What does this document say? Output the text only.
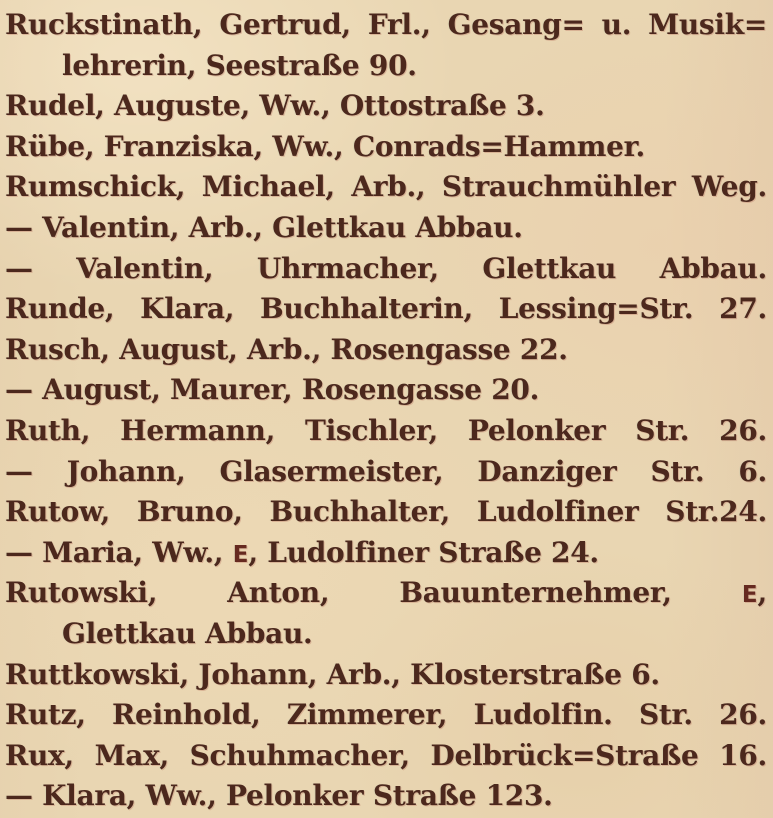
Ruckstinath, Gertrud, Frl., Gesang= u. Musik=
lehrerin, Seestraße 90.
Rudel, Auguste, Ww., Ottostraße 3.
Rübe, Franziska, Ww., Conrads=Hammer.
Rumschick, Michael, Arb., Strauchmühler Weg.
— Valentin, Arb., Glettkau Abbau.
— Valentin, Uhrmacher, Glettkau Abbau.
Runde, Klara, Buchhalterin, Lessing=Str. 27.
Rusch, August, Arb., Rosengasse 22.
— August, Maurer, Rosengasse 20.
Ruth, Hermann, Tischler, Pelonker Str. 26.
— Johann, Glasermeister, Danziger Str. 6.
Rutow, Bruno, Buchhalter, Ludolfiner Str.24.
— Maria, Ww., E, Ludolfiner Straße 24.
Rutowski, Anton, Bauunternehmer, E,
Glettkau Abbau.
Ruttkowski, Johann, Arb., Klosterstraße 6.
Rutz, Reinhold, Zimmerer, Ludolfin. Str. 26.
Rux, Max, Schuhmacher, Delbrück=Straße 16.
— Klara, Ww., Pelonker Straße 123.
